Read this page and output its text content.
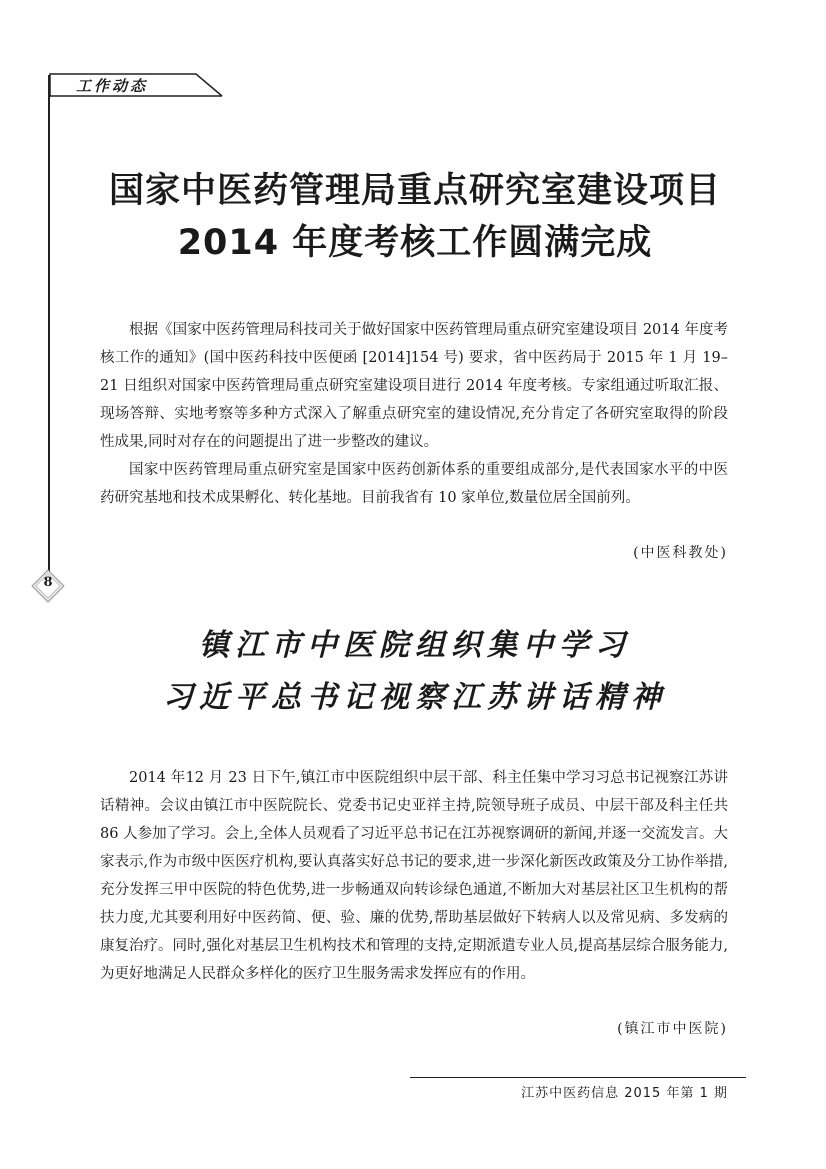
工作动态
8
国家中医药管理局重点研究室建设项目
2014 年度考核工作圆满完成

根据《国家中医药管理局科技司关于做好国家中医药管理局重点研究室建设项目 2014 年度考核工作的通知》(国中医药科技中医便函 [2014]154 号) 要求，省中医药局于 2015 年 1 月 19–21 日组织对国家中医药管理局重点研究室建设项目进行 2014 年度考核。专家组通过听取汇报、现场答辩、实地考察等多种方式深入了解重点研究室的建设情况,充分肯定了各研究室取得的阶段性成果,同时对存在的问题提出了进一步整改的建议。

国家中医药管理局重点研究室是国家中医药创新体系的重要组成部分,是代表国家水平的中医药研究基地和技术成果孵化、转化基地。目前我省有 10 家单位,数量位居全国前列。

(中医科教处)
镇江市中医院组织集中学习
习近平总书记视察江苏讲话精神

2014 年12 月 23 日下午,镇江市中医院组织中层干部、科主任集中学习习总书记视察江苏讲话精神。会议由镇江市中医院院长、党委书记史亚祥主持,院领导班子成员、中层干部及科主任共 86 人参加了学习。会上,全体人员观看了习近平总书记在江苏视察调研的新闻,并逐一交流发言。大家表示,作为市级中医医疗机构,要认真落实好总书记的要求,进一步深化新医改政策及分工协作举措,充分发挥三甲中医院的特色优势,进一步畅通双向转诊绿色通道,不断加大对基层社区卫生机构的帮扶力度,尤其要利用好中医药简、便、验、廉的优势,帮助基层做好下转病人以及常见病、多发病的康复治疗。同时,强化对基层卫生机构技术和管理的支持,定期派遣专业人员,提高基层综合服务能力,为更好地满足人民群众多样化的医疗卫生服务需求发挥应有的作用。

(镇江市中医院)
江苏中医药信息 2015 年第 1 期
